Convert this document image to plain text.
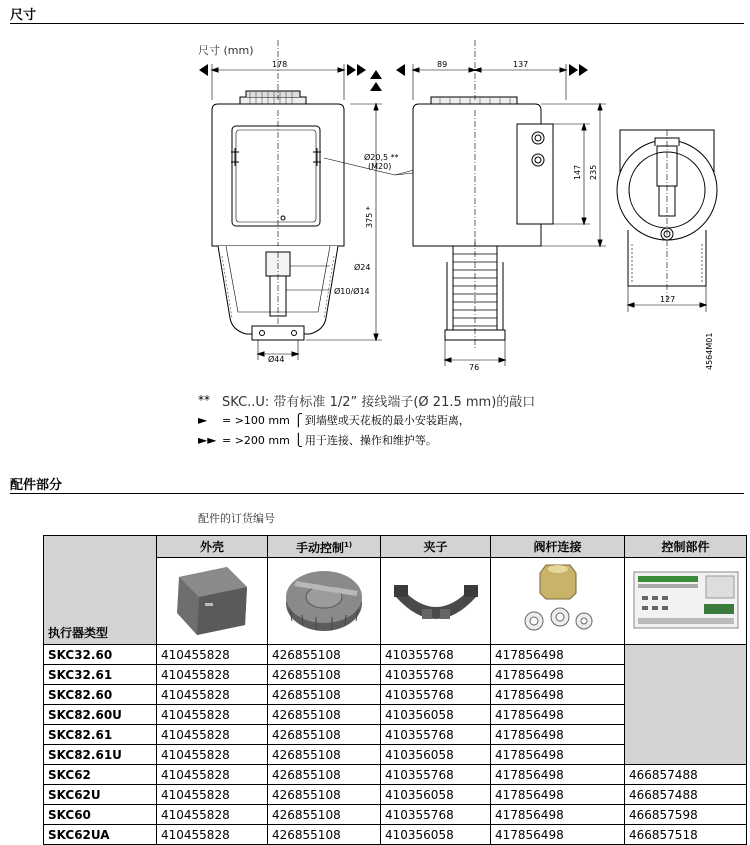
尺寸
尺寸 (mm)
178	89	137
375 *
147 235
Ø20,5 **
(M20)
Ø24
Ø10/Ø14
Ø44
76
127
4564M01
** SKC..U: 带有标准 1/2” 接线端子(Ø 21.5 mm)的敲口
►	= >100 mm ⎧ 到墙壁或天花板的最小安装距离，
►► = >200 mm ⎩ 用于连接、操作和维护等。
配件部分
配件的订货编号
执行器类型	外壳	手动控制$^{1)}$	夹子	阀杆连接	控制部件

SKC32.60	410455828	426855108	410355768	417856498	
SKC32.61	410455828	426855108	410355768	417856498	
SKC82.60	410455828	426855108	410355768	417856498	
SKC82.60U	410455828	426855108	410356058	417856498	
SKC82.61	410455828	426855108	410355768	417856498	
SKC82.61U	410455828	426855108	410356058	417856498	
SKC62	410455828	426855108	410355768	417856498	466857488
SKC62U	410455828	426855108	410356058	417856498	466857488
SKC60	410455828	426855108	410355768	417856498	466857598
SKC62UA	410455828	426855108	410356058	417856498	466857518
